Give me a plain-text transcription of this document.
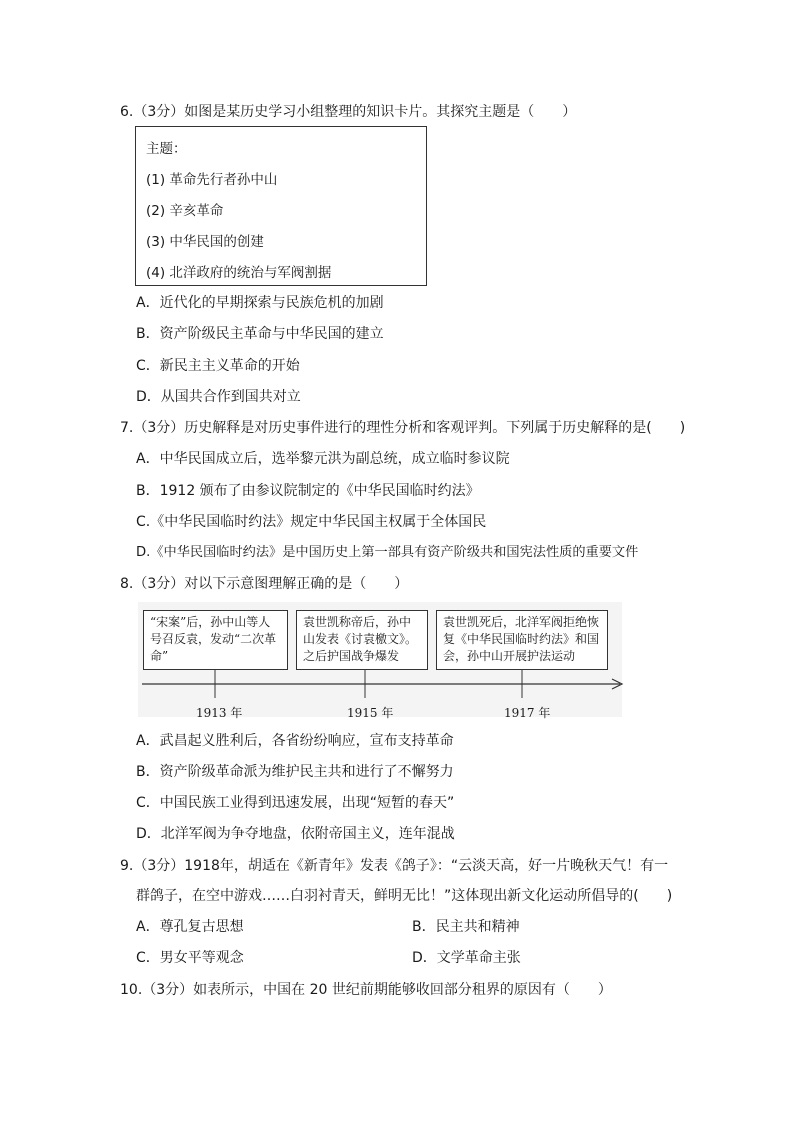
6.（3分）如图是某历史学习小组整理的知识卡片。其探究主题是（　　）
主题：
(1) 革命先行者孙中山
(2) 辛亥革命
(3) 中华民国的创建
(4) 北洋政府的统治与军阀割据
A．近代化的早期探索与民族危机的加剧
B．资产阶级民主革命与中华民国的建立
C．新民主主义革命的开始
D．从国共合作到国共对立
7.（3分）历史解释是对历史事件进行的理性分析和客观评判。下列属于历史解释的是(　　)
A．中华民国成立后，选举黎元洪为副总统，成立临时参议院
B．1912 颁布了由参议院制定的《中华民国临时约法》
C.《中华民国临时约法》规定中华民国主权属于全体国民
D.《中华民国临时约法》是中国历史上第一部具有资产阶级共和国宪法性质的重要文件
8.（3分）对以下示意图理解正确的是（　　）
“宋案”后，孙中山等人号召反袁，发动“二次革命”
袁世凯称帝后，孙中山发表《讨袁檄文》。之后护国战争爆发
袁世凯死后，北洋军阀拒绝恢复《中华民国临时约法》和国会，孙中山开展护法运动
1913 年	1915 年	1917 年
A．武昌起义胜利后，各省纷纷响应，宣布支持革命
B．资产阶级革命派为维护民主共和进行了不懈努力
C．中国民族工业得到迅速发展，出现“短暂的春天”
D．北洋军阀为争夺地盘，依附帝国主义，连年混战
9.（3分）1918年，胡适在《新青年》发表《鸽子》：“云淡天高，好一片晚秋天气！有一
群鸽子，在空中游戏……白羽衬青天，鲜明无比！”这体现出新文化运动所倡导的(　　)
A．尊孔复古思想	B．民主共和精神
C．男女平等观念	D．文学革命主张
10.（3分）如表所示，中国在 20 世纪前期能够收回部分租界的原因有（　　）
